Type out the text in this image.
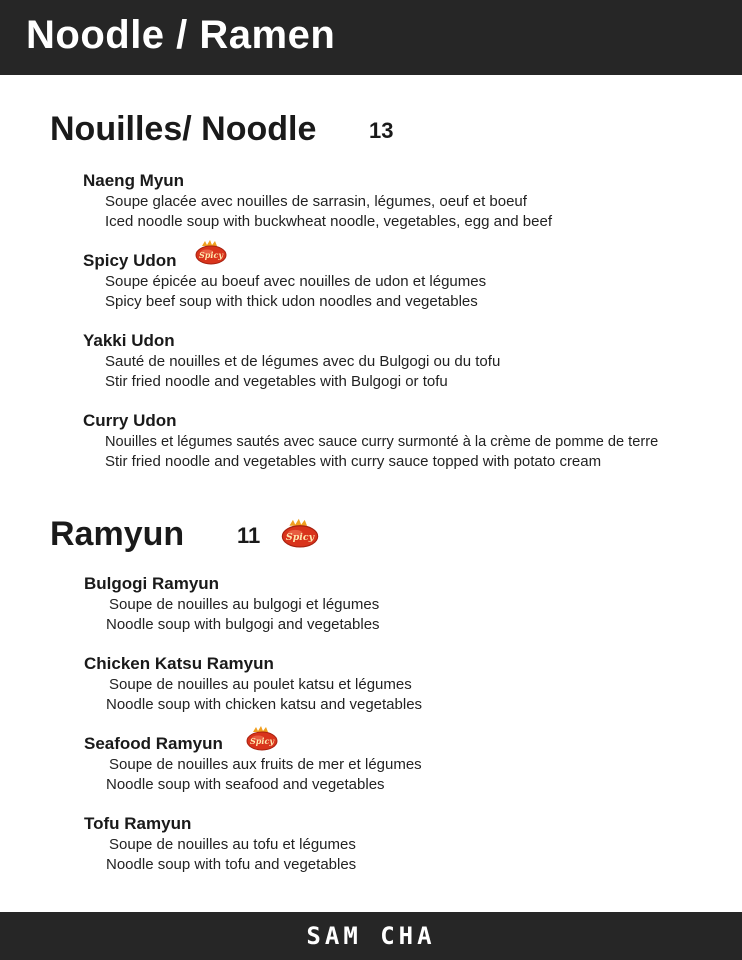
Noodle / Ramen
Nouilles/ Noodle 13
Naeng Myun
Soupe glacée avec nouilles de sarrasin, légumes, oeuf et boeuf
Iced noodle soup with buckwheat noodle, vegetables, egg and beef
Spicy Udon	Spicy
Soupe épicée au boeuf avec nouilles de udon et légumes
Spicy beef soup with thick udon noodles and vegetables
Yakki Udon
Sauté de nouilles et de légumes avec du Bulgogi ou du tofu
Stir fried noodle and vegetables with Bulgogi or tofu
Curry Udon
Nouilles et légumes sautés avec sauce curry surmonté à la crème de pomme de terre
Stir fried noodle and vegetables with curry sauce topped with potato cream
Ramyun 11	Spicy
Bulgogi Ramyun
Soupe de nouilles au bulgogi et légumes
Noodle soup with bulgogi and vegetables
Chicken Katsu Ramyun
Soupe de nouilles au poulet katsu et légumes
Noodle soup with chicken katsu and vegetables
Seafood Ramyun	Spicy
Soupe de nouilles aux fruits de mer et légumes
Noodle soup with seafood and vegetables
Tofu Ramyun
Soupe de nouilles au tofu et légumes
Noodle soup with tofu and vegetables
SAM CHA
